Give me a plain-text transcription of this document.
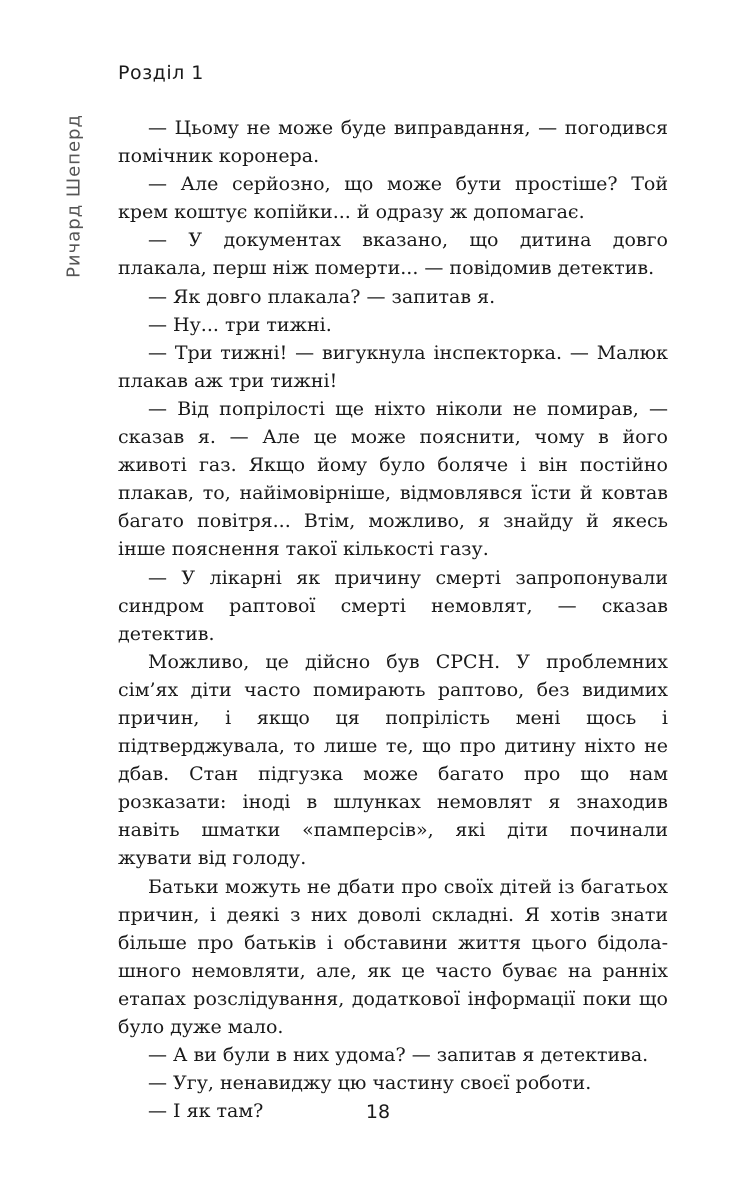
Розділ 1
Ричард Шеперд	— Цьому не може буде виправдання, — погодився помічник коронера.

— Але серйозно, що може бути простіше? Той крем коштує копійки... й одразу ж допомагає.

— У документах вказано, що дитина довго плакала, перш ніж померти... — повідомив детектив.

— Як довго плакала? — запитав я.

— Ну... три тижні.

— Три тижні! — вигукнула інспекторка. — Малюк плакав аж три тижні!

— Від попрілості ще ніхто ніколи не помирав, — сказав я. — Але це може пояснити, чому в його животі газ. Якщо йому було боляче і він постійно плакав, то, найімовірніше, відмовлявся їсти й ковтав багато повітря... Втім, можливо, я знайду й якесь інше пояснення такої кількості газу.

— У лікарні як причину смерті запропонували синдром раптової смерті немовлят, — сказав детектив.

Можливо, це дійсно був СРСН. У проблемних сім’ях діти часто помирають раптово, без видимих причин, і якщо ця попрілість мені щось і підтверджувала, то лише те, що про дитину ніхто не дбав. Стан підгузка може багато про що нам розказати: іноді в шлунках немовлят я знаходив навіть шматки «памперсів», які діти починали жувати від голоду.

Батьки можуть не дбати про своїх дітей із багатьох причин, і деякі з них доволі складні. Я хотів знати більше про батьків і обставини життя цього бідолашного немовляти, але, як це часто буває на ранніх етапах розслідування, додаткової інформації поки що було дуже мало.

— А ви були в них удома? — запитав я детектива.

— Угу, ненавиджу цю частину своєї роботи.

— І як там?	18
